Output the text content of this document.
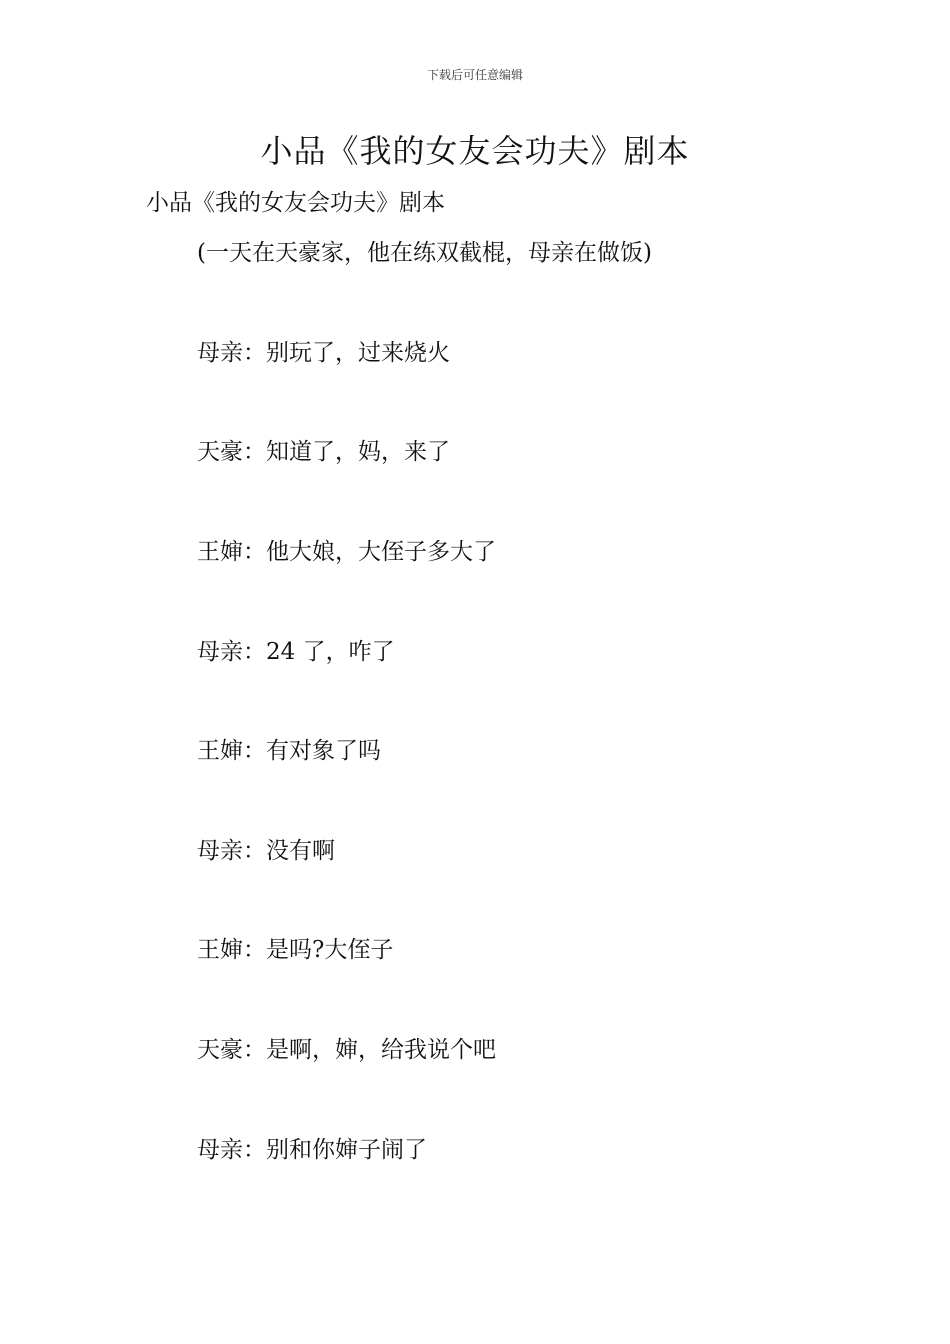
下载后可任意编辑
小品《我的女友会功夫》剧本

小品《我的女友会功夫》剧本

(一天在天豪家，他在练双截棍，母亲在做饭)

母亲：别玩了，过来烧火
天豪：知道了，妈，来了
王婶：他大娘，大侄子多大了
母亲：24 了，咋了
王婶：有对象了吗
母亲：没有啊
王婶：是吗?大侄子
天豪：是啊，婶，给我说个吧
母亲：别和你婶子闹了
